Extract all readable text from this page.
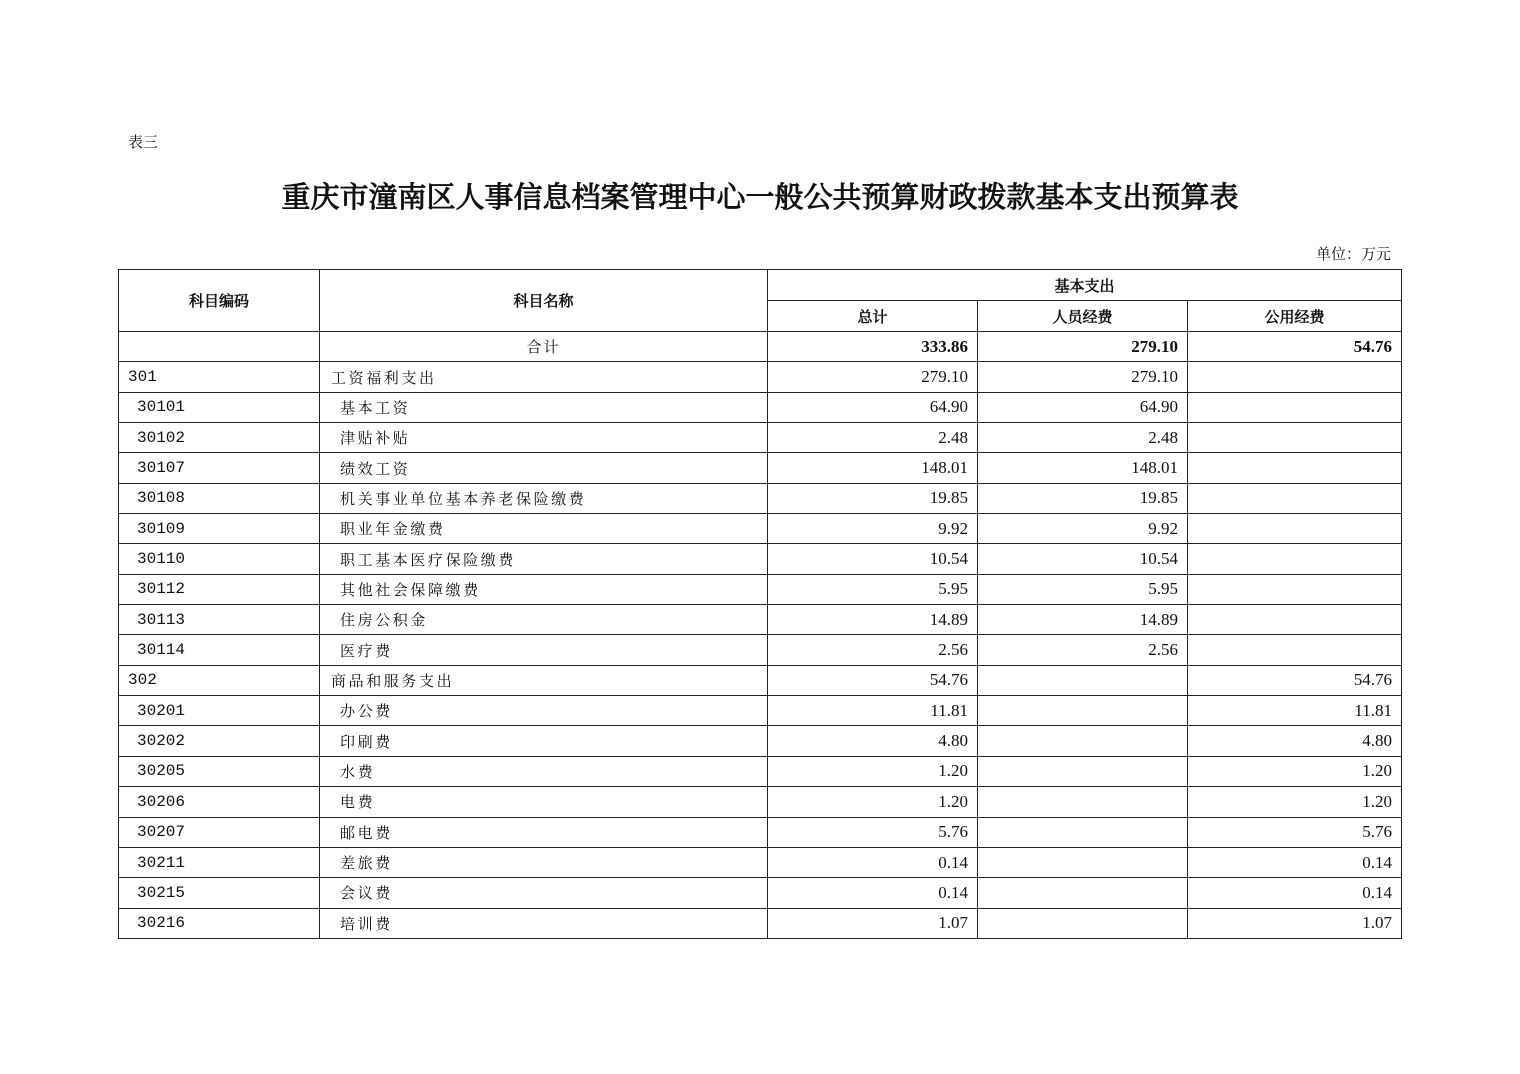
表三
重庆市潼南区人事信息档案管理中心一般公共预算财政拨款基本支出预算表
单位：万元
科目编码	科目名称	基本支出		
		总计	人员经费	公用经费
	合计	333.86	279.10	54.76
301	工资福利支出	279.10	279.10	
30101	基本工资	64.90	64.90	
30102	津贴补贴	2.48	2.48	
30107	绩效工资	148.01	148.01	
30108	机关事业单位基本养老保险缴费	19.85	19.85	
30109	职业年金缴费	9.92	9.92	
30110	职工基本医疗保险缴费	10.54	10.54	
30112	其他社会保障缴费	5.95	5.95	
30113	住房公积金	14.89	14.89	
30114	医疗费	2.56	2.56	
302	商品和服务支出	54.76		54.76
30201	办公费	11.81		11.81
30202	印刷费	4.80		4.80
30205	水费	1.20		1.20
30206	电费	1.20		1.20
30207	邮电费	5.76		5.76
30211	差旅费	0.14		0.14
30215	会议费	0.14		0.14
30216	培训费	1.07		1.07
